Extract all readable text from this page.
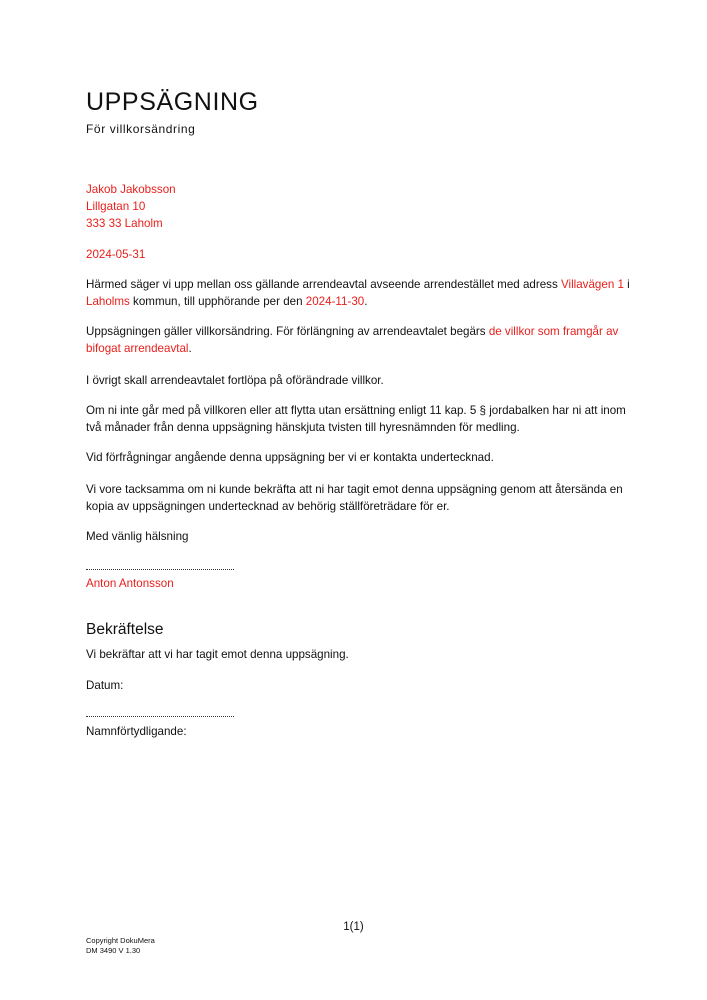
UPPSÄGNING
För villkorsändring
Jakob Jakobsson
Lillgatan 10
333 33 Laholm
2024-05-31

Härmed säger vi upp mellan oss gällande arrendeavtal avseende arrendestället med adress Villavägen 1 i Laholms kommun, till upphörande per den 2024-11-30.

Uppsägningen gäller villkorsändring. För förlängning av arrendeavtalet begärs de villkor som framgår av bifogat arrendeavtal.

I övrigt skall arrendeavtalet fortlöpa på oförändrade villkor.

Om ni inte går med på villkoren eller att flytta utan ersättning enligt 11 kap. 5 § jordabalken har ni att inom två månader från denna uppsägning hänskjuta tvisten till hyresnämnden för medling.

Vid förfrågningar angående denna uppsägning ber vi er kontakta undertecknad.

Vi vore tacksamma om ni kunde bekräfta att ni har tagit emot denna uppsägning genom att återsända en kopia av uppsägningen undertecknad av behörig ställföreträdare för er.

Med vänlig hälsning
Anton Antonsson
Bekräftelse
Vi bekräftar att vi har tagit emot denna uppsägning.
Datum:
Namnförtydligande:
1(1)
Copyright DokuMera
DM 3490 V 1.30
